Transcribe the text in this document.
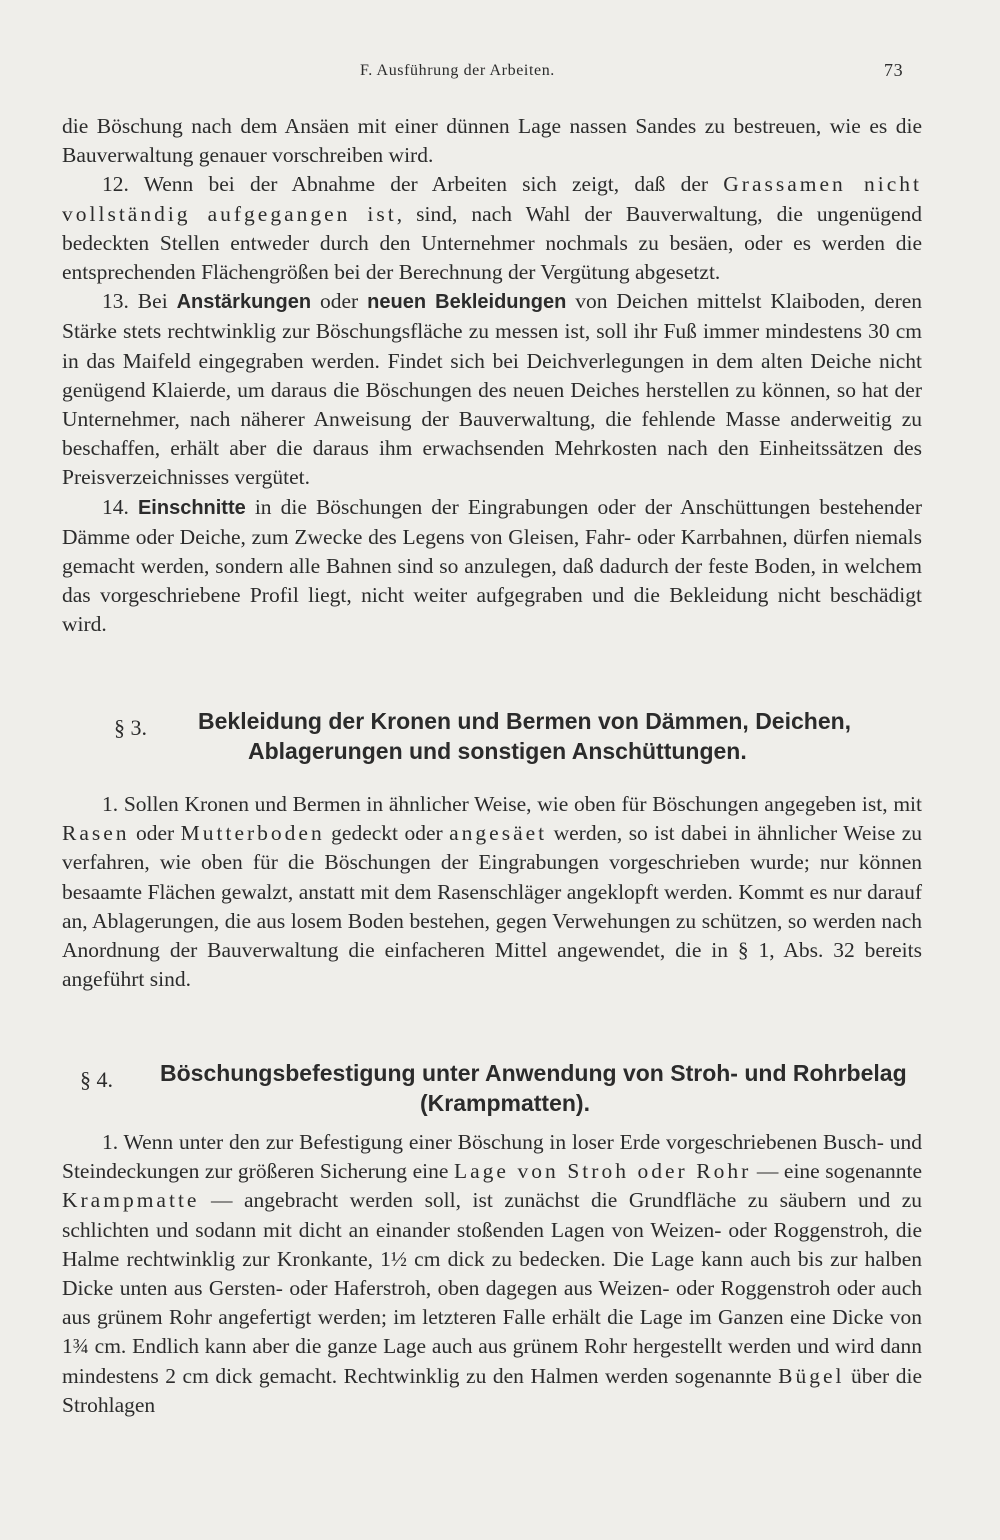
F. Ausführung der Arbeiten.	73

die Böschung nach dem Ansäen mit einer dünnen Lage nassen Sandes zu bestreuen, wie es die Bauverwaltung genauer vorschreiben wird.

12. Wenn bei der Abnahme der Arbeiten sich zeigt, daß der Grassamen nicht vollständig aufgegangen ist, sind, nach Wahl der Bauverwaltung, die ungenügend bedeckten Stellen entweder durch den Unternehmer nochmals zu besäen, oder es werden die entsprechenden Flächengrößen bei der Berechnung der Vergütung abgesetzt.

13. Bei Anstärkungen oder neuen Bekleidungen von Deichen mittelst Klaiboden, deren Stärke stets rechtwinklig zur Böschungsfläche zu messen ist, soll ihr Fuß immer mindestens 30 cm in das Maifeld eingegraben werden. Findet sich bei Deichverlegungen in dem alten Deiche nicht genügend Klaierde, um daraus die Böschungen des neuen Deiches herstellen zu können, so hat der Unternehmer, nach näherer Anweisung der Bauverwaltung, die fehlende Masse anderweitig zu beschaffen, erhält aber die daraus ihm erwachsenden Mehrkosten nach den Einheitssätzen des Preisverzeichnisses vergütet.

14. Einschnitte in die Böschungen der Eingrabungen oder der Anschüttungen bestehender Dämme oder Deiche, zum Zwecke des Legens von Gleisen, Fahr- oder Karrbahnen, dürfen niemals gemacht werden, sondern alle Bahnen sind so anzulegen, daß dadurch der feste Boden, in welchem das vorgeschriebene Profil liegt, nicht weiter aufgegraben und die Bekleidung nicht beschädigt wird.

§ 3. Bekleidung der Kronen und Bermen von Dämmen, Deichen,
Ablagerungen und sonstigen Anschüttungen.

1. Sollen Kronen und Bermen in ähnlicher Weise, wie oben für Böschungen angegeben ist, mit Rasen oder Mutterboden gedeckt oder angesäet werden, so ist dabei in ähnlicher Weise zu verfahren, wie oben für die Böschungen der Eingrabungen vorgeschrieben wurde; nur können besaamte Flächen gewalzt, anstatt mit dem Rasenschläger angeklopft werden. Kommt es nur darauf an, Ablagerungen, die aus losem Boden bestehen, gegen Verwehungen zu schützen, so werden nach Anordnung der Bauverwaltung die einfacheren Mittel angewendet, die in § 1, Abs. 32 bereits angeführt sind.

§ 4. Böschungsbefestigung unter Anwendung von Stroh- und Rohrbelag
(Krampmatten).

1. Wenn unter den zur Befestigung einer Böschung in loser Erde vorgeschriebenen Busch- und Steindeckungen zur größeren Sicherung eine Lage von Stroh oder Rohr — eine sogenannte Krampmatte — angebracht werden soll, ist zunächst die Grundfläche zu säubern und zu schlichten und sodann mit dicht an einander stoßenden Lagen von Weizen- oder Roggenstroh, die Halme rechtwinklig zur Kronkante, 1½ cm dick zu bedecken. Die Lage kann auch bis zur halben Dicke unten aus Gersten- oder Haferstroh, oben dagegen aus Weizen- oder Roggenstroh oder auch aus grünem Rohr angefertigt werden; im letzteren Falle erhält die Lage im Ganzen eine Dicke von 1¾ cm. Endlich kann aber die ganze Lage auch aus grünem Rohr hergestellt werden und wird dann mindestens 2 cm dick gemacht. Rechtwinklig zu den Halmen werden sogenannte Bügel über die Strohlagen
